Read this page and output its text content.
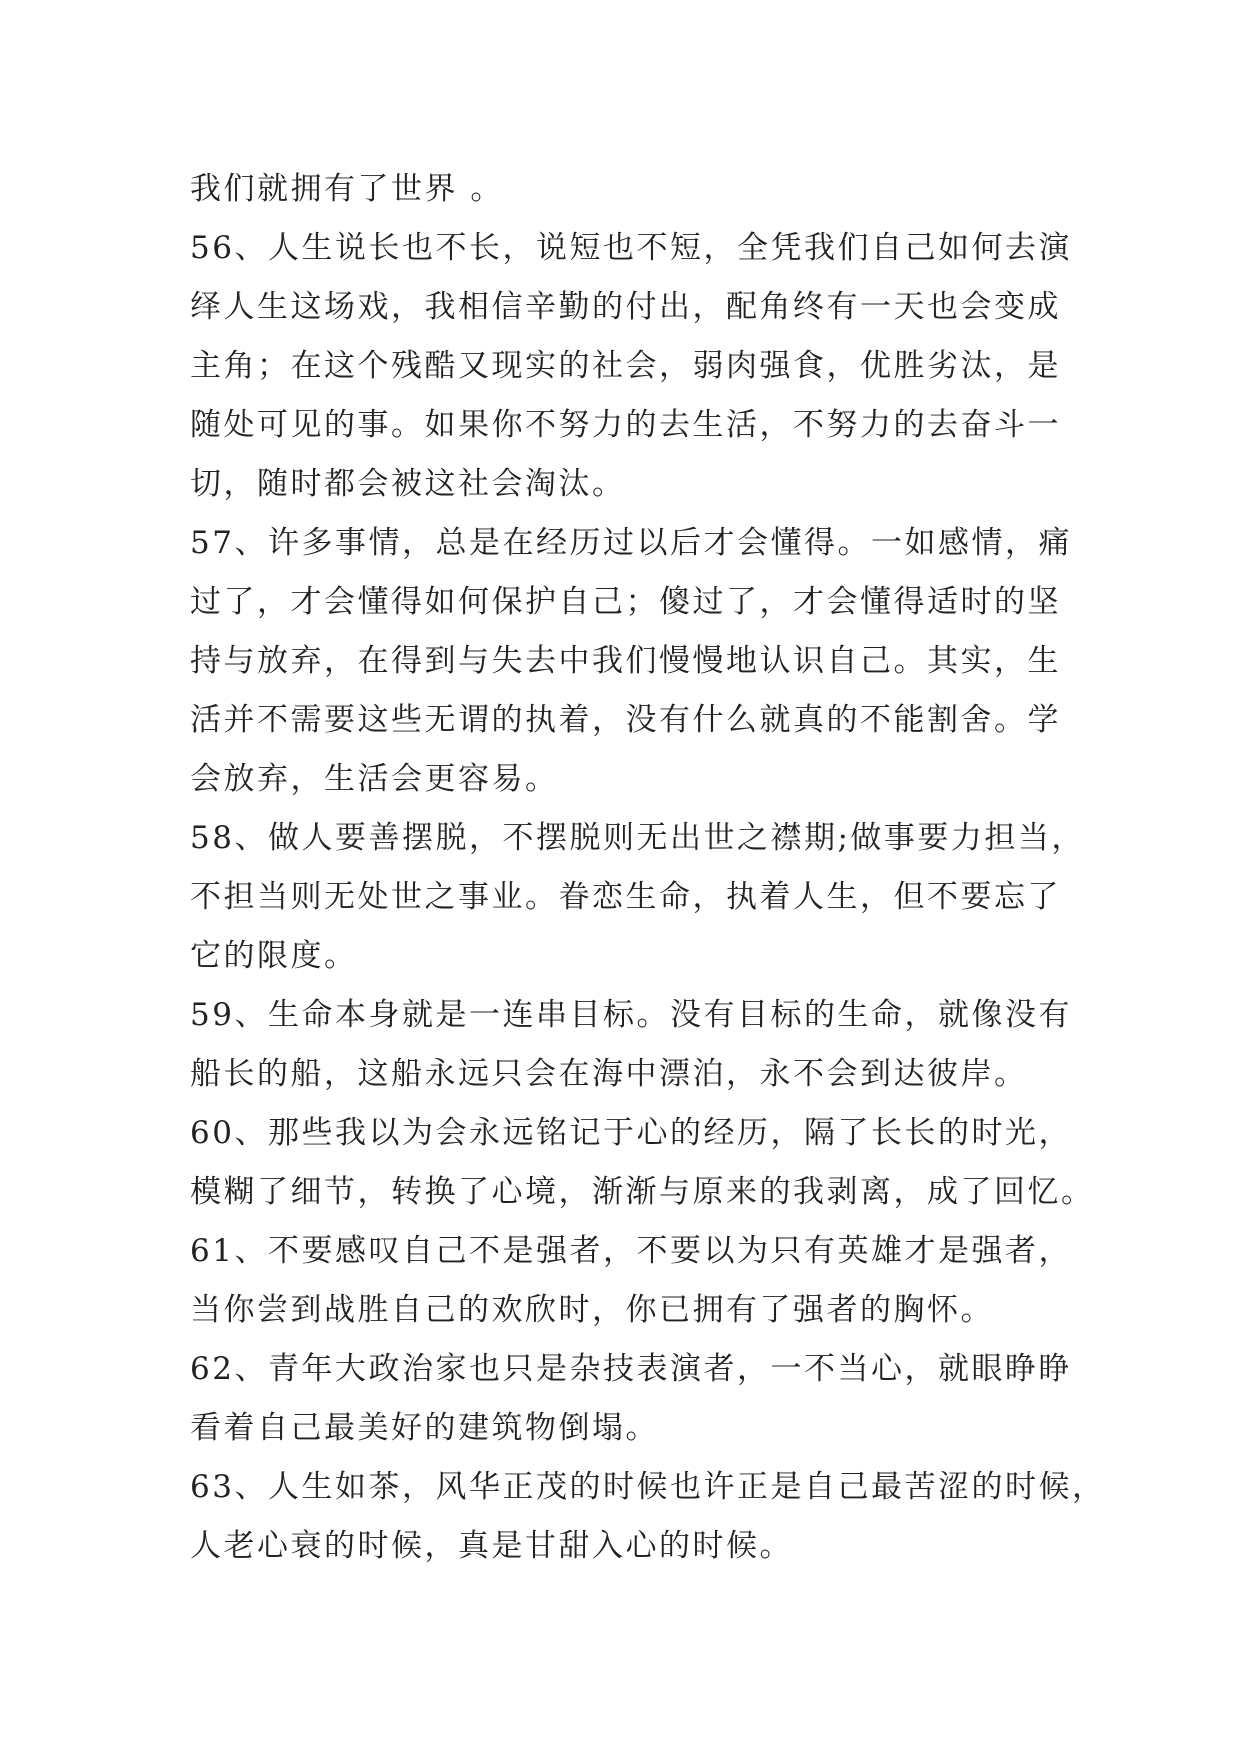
我们就拥有了世界 。
56、人生说长也不长，说短也不短，全凭我们自己如何去演
绎人生这场戏，我相信辛勤的付出，配角终有一天也会变成
主角；在这个残酷又现实的社会，弱肉强食，优胜劣汰，是
随处可见的事。如果你不努力的去生活，不努力的去奋斗一
切，随时都会被这社会淘汰。
57、许多事情，总是在经历过以后才会懂得。一如感情，痛
过了，才会懂得如何保护自己；傻过了，才会懂得适时的坚
持与放弃，在得到与失去中我们慢慢地认识自己。其实，生
活并不需要这些无谓的执着，没有什么就真的不能割舍。学
会放弃，生活会更容易。
58、做人要善摆脱，不摆脱则无出世之襟期;做事要力担当，
不担当则无处世之事业。眷恋生命，执着人生，但不要忘了
它的限度。
59、生命本身就是一连串目标。没有目标的生命，就像没有
船长的船，这船永远只会在海中漂泊，永不会到达彼岸。
60、那些我以为会永远铭记于心的经历，隔了长长的时光，
模糊了细节，转换了心境，渐渐与原来的我剥离，成了回忆。
61、不要感叹自己不是强者，不要以为只有英雄才是强者，
当你尝到战胜自己的欢欣时，你已拥有了强者的胸怀。
62、青年大政治家也只是杂技表演者，一不当心，就眼睁睁
看着自己最美好的建筑物倒塌。
63、人生如茶，风华正茂的时候也许正是自己最苦涩的时候，
人老心衰的时候，真是甘甜入心的时候。
